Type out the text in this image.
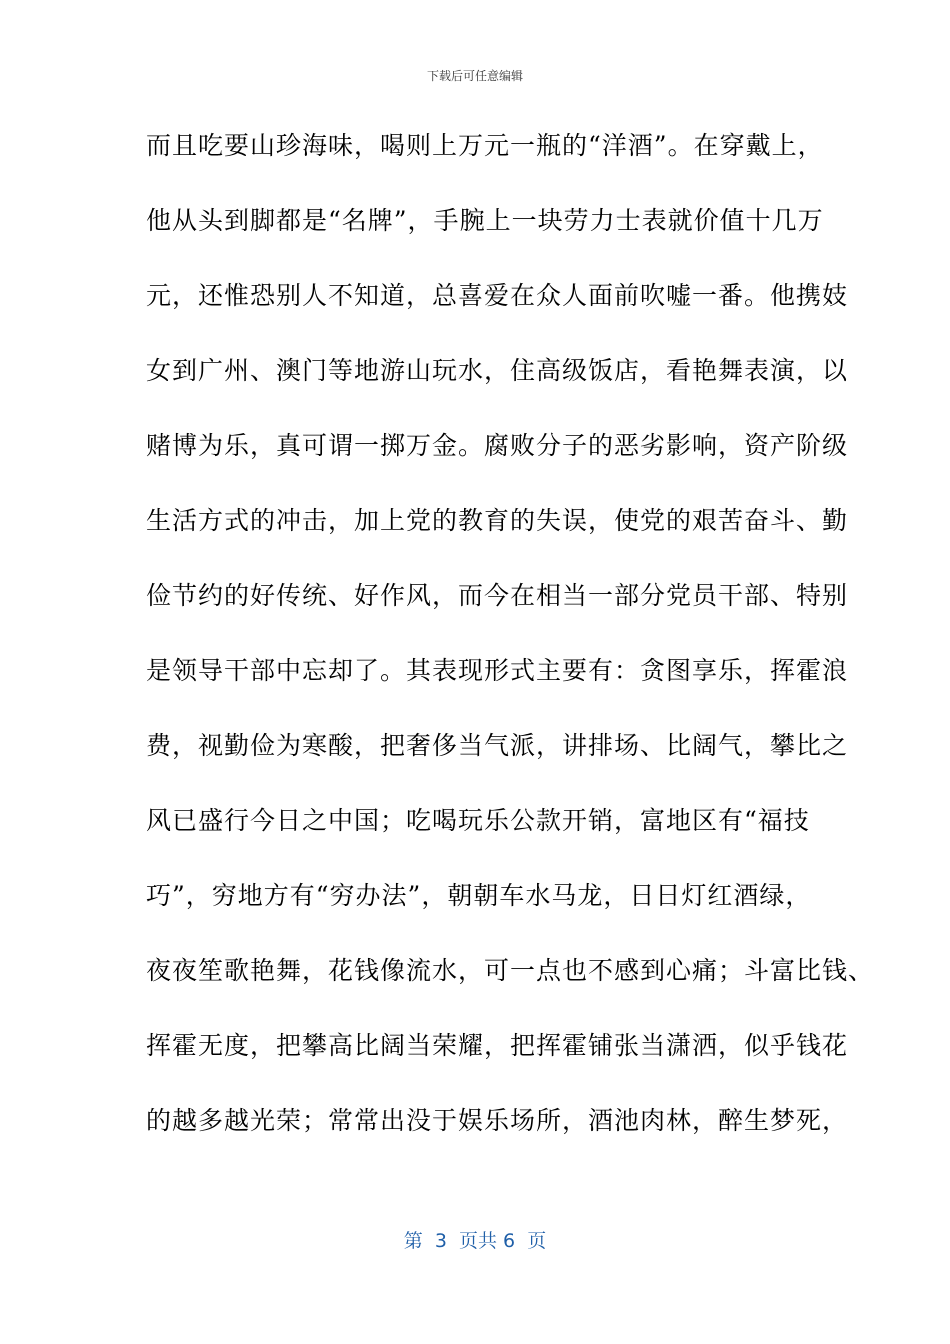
下载后可任意编辑
而且吃要山珍海味，喝则上万元一瓶的“洋酒”。在穿戴上，
他从头到脚都是“名牌”，手腕上一块劳力士表就价值十几万
元，还惟恐别人不知道，总喜爱在众人面前吹嘘一番。他携妓
女到广州、澳门等地游山玩水，住高级饭店，看艳舞表演，以
赌博为乐，真可谓一掷万金。腐败分子的恶劣影响，资产阶级
生活方式的冲击，加上党的教育的失误，使党的艰苦奋斗、勤
俭节约的好传统、好作风，而今在相当一部分党员干部、特别
是领导干部中忘却了。其表现形式主要有：贪图享乐，挥霍浪
费，视勤俭为寒酸，把奢侈当气派，讲排场、比阔气，攀比之
风已盛行今日之中国；吃喝玩乐公款开销，富地区有“福技
巧”，穷地方有“穷办法”，朝朝车水马龙，日日灯红酒绿，
夜夜笙歌艳舞，花钱像流水，可一点也不感到心痛；斗富比钱、
挥霍无度，把攀高比阔当荣耀，把挥霍铺张当潇洒，似乎钱花
的越多越光荣；常常出没于娱乐场所，酒池肉林，醉生梦死，
第  3  页共 6  页
